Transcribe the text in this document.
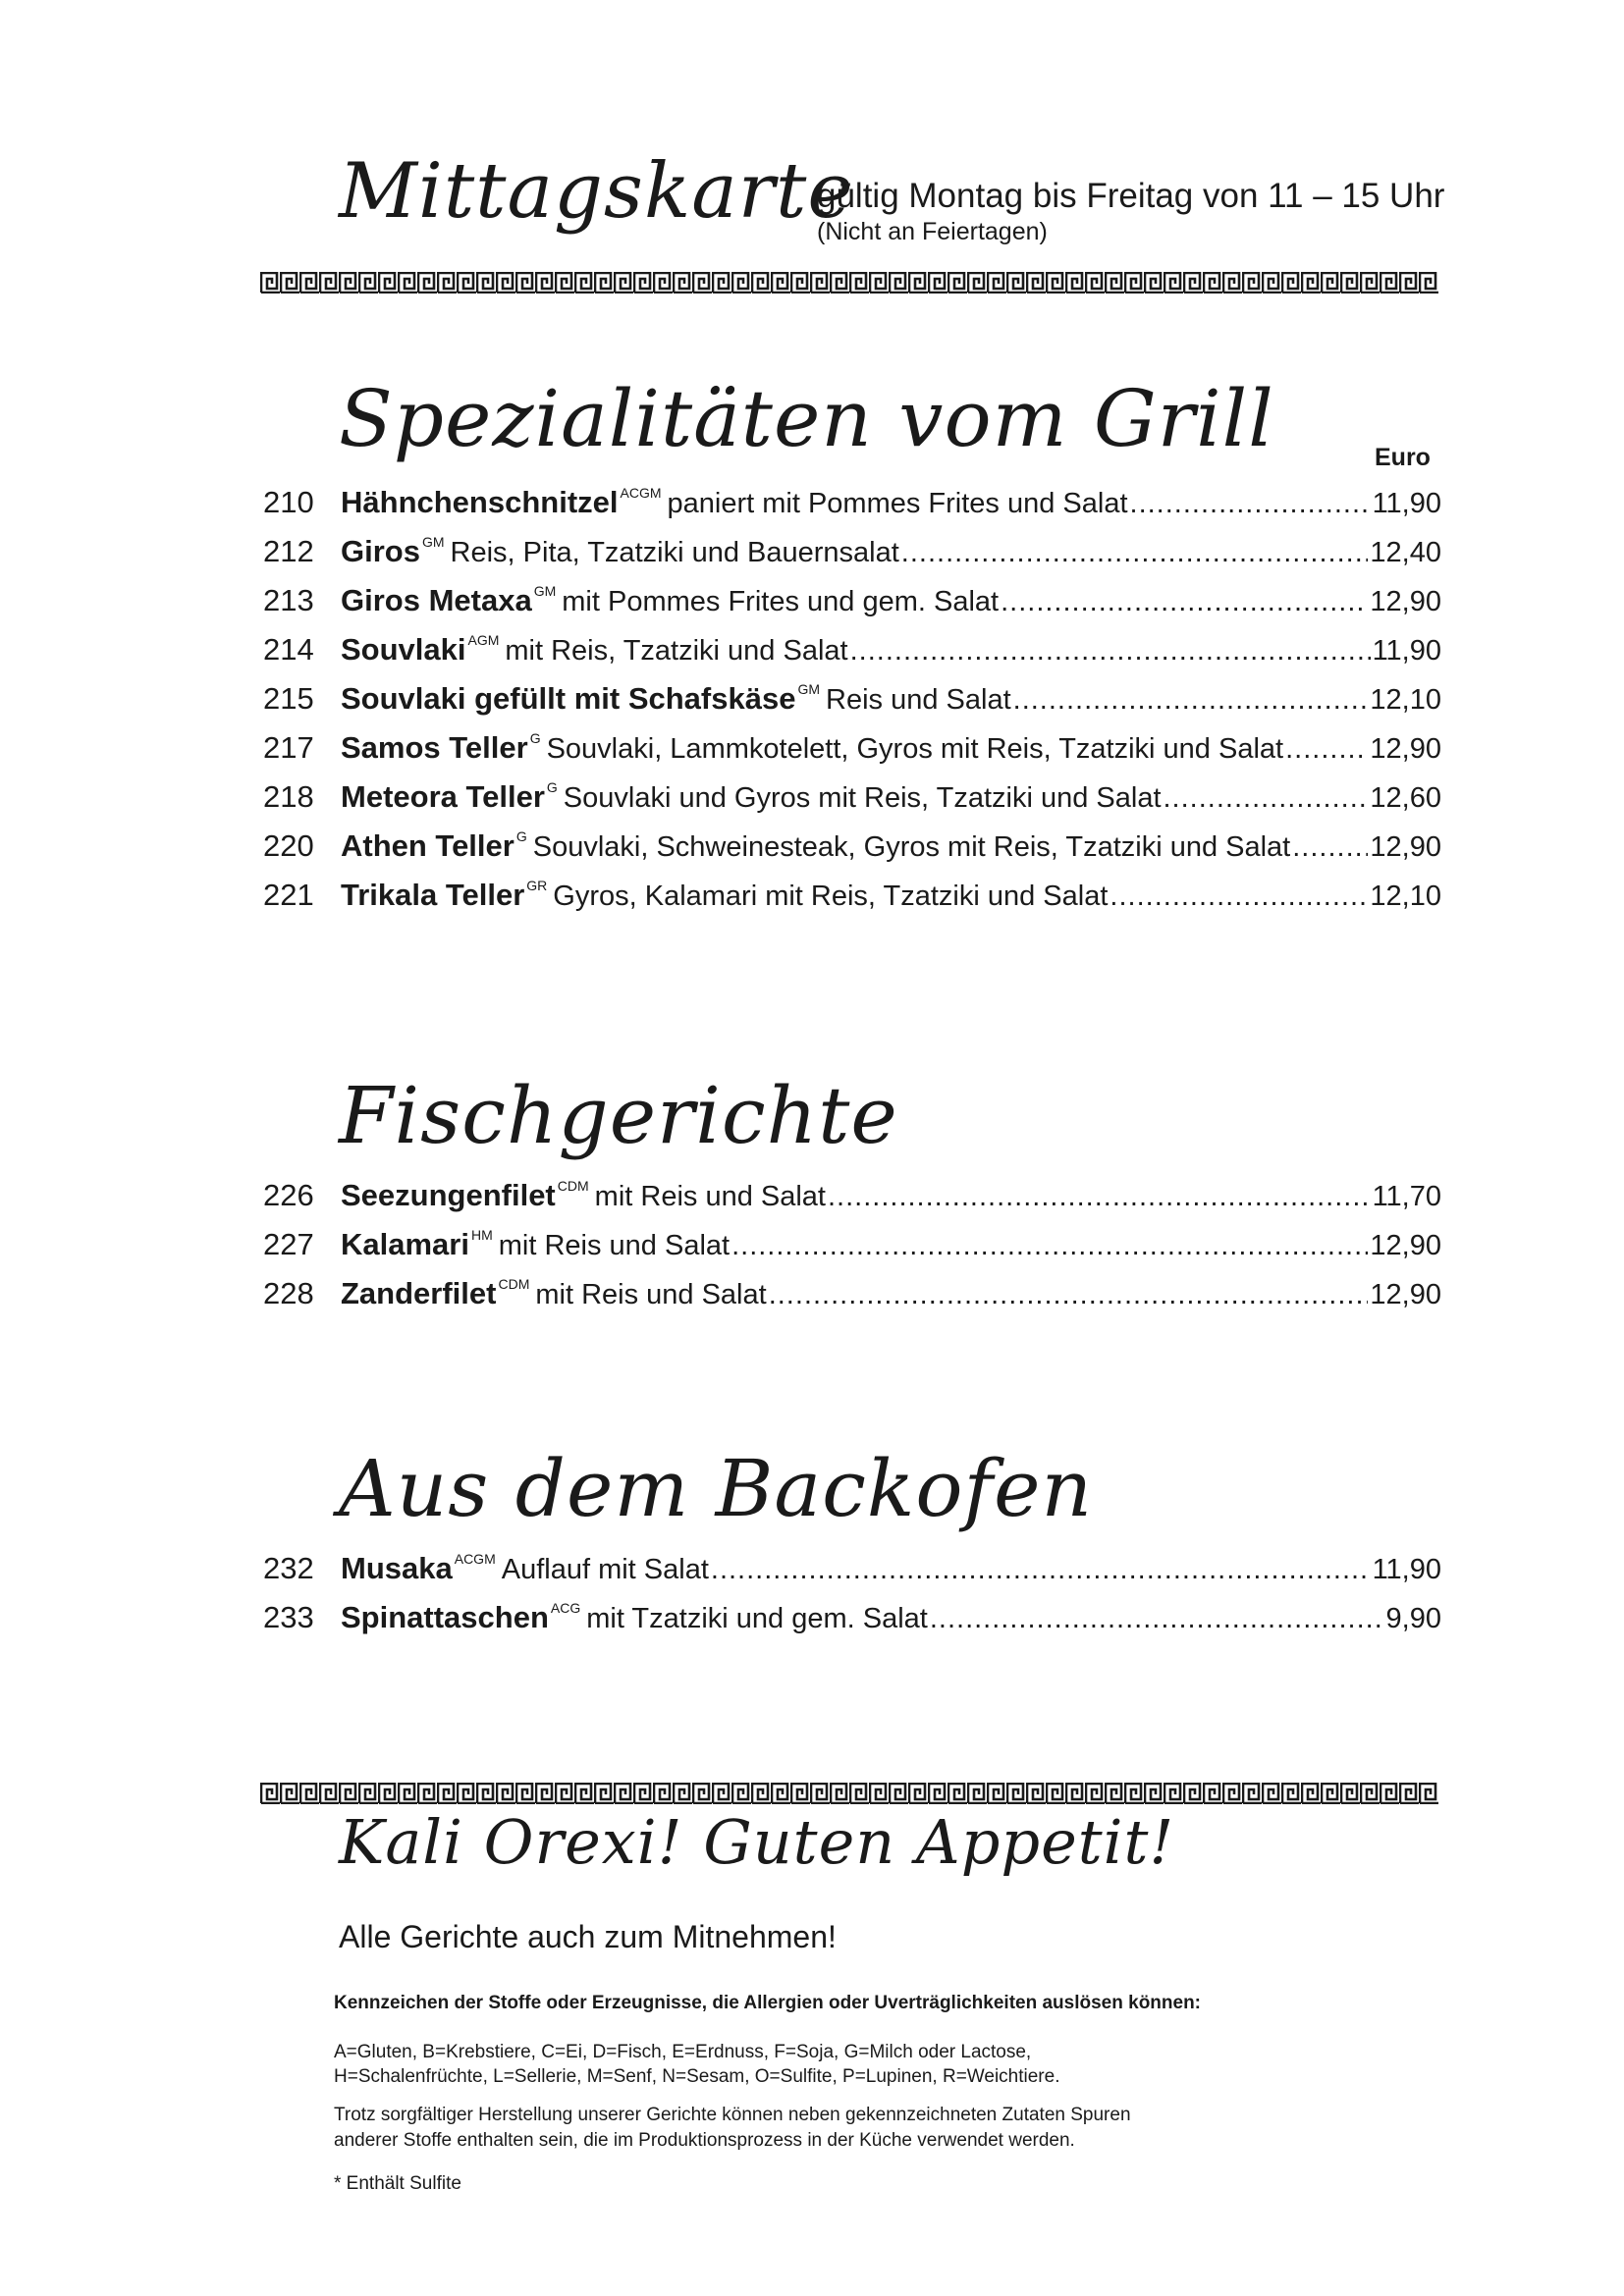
Mittagskarte
gültig Montag bis Freitag von 11 – 15 Uhr
(Nicht an Feiertagen)
Spezialitäten vom Grill	Euro
210 Hähnchenschnitzel ACGM paniert mit Pommes Frites und Salat .....	11,90
212 Giros GM Reis, Pita, Tzatziki und Bauernsalat .....	12,40
213 Giros Metaxa GM mit Pommes Frites und gem. Salat .....	12,90
214 Souvlaki AGM mit Reis, Tzatziki und Salat .....	11,90
215 Souvlaki gefüllt mit Schafskäse GM Reis und Salat .....	12,10
217 Samos Teller G Souvlaki, Lammkotelett, Gyros mit Reis, Tzatziki und Salat .....	12,90
218 Meteora Teller G Souvlaki und Gyros mit Reis, Tzatziki und Salat .....	12,60
220 Athen Teller G Souvlaki, Schweinesteak, Gyros mit Reis, Tzatziki und Salat .....	12,90
221 Trikala Teller GR Gyros, Kalamari mit Reis, Tzatziki und Salat .....	12,10
Fischgerichte
226 Seezungenfilet CDM mit Reis und Salat .....	11,70
227 Kalamari HM mit Reis und Salat .....	12,90
228 Zanderfilet CDM mit Reis und Salat .....	12,90
Aus dem Backofen
232 Musaka ACGM Auflauf mit Salat .....	11,90
233 Spinattaschen ACG mit Tzatziki und gem. Salat .....	9,90
Kali Orexi! Guten Appetit!
Alle Gerichte auch zum Mitnehmen!
Kennzeichen der Stoffe oder Erzeugnisse, die Allergien oder Uverträglichkeiten auslösen können:
A=Gluten, B=Krebstiere, C=Ei, D=Fisch, E=Erdnuss, F=Soja, G=Milch oder Lactose,
H=Schalenfrüchte, L=Sellerie, M=Senf, N=Sesam, O=Sulfite, P=Lupinen, R=Weichtiere.
Trotz sorgfältiger Herstellung unserer Gerichte können neben gekennzeichneten Zutaten Spuren
anderer Stoffe enthalten sein, die im Produktionsprozess in der Küche verwendet werden.
* Enthält Sulfite
